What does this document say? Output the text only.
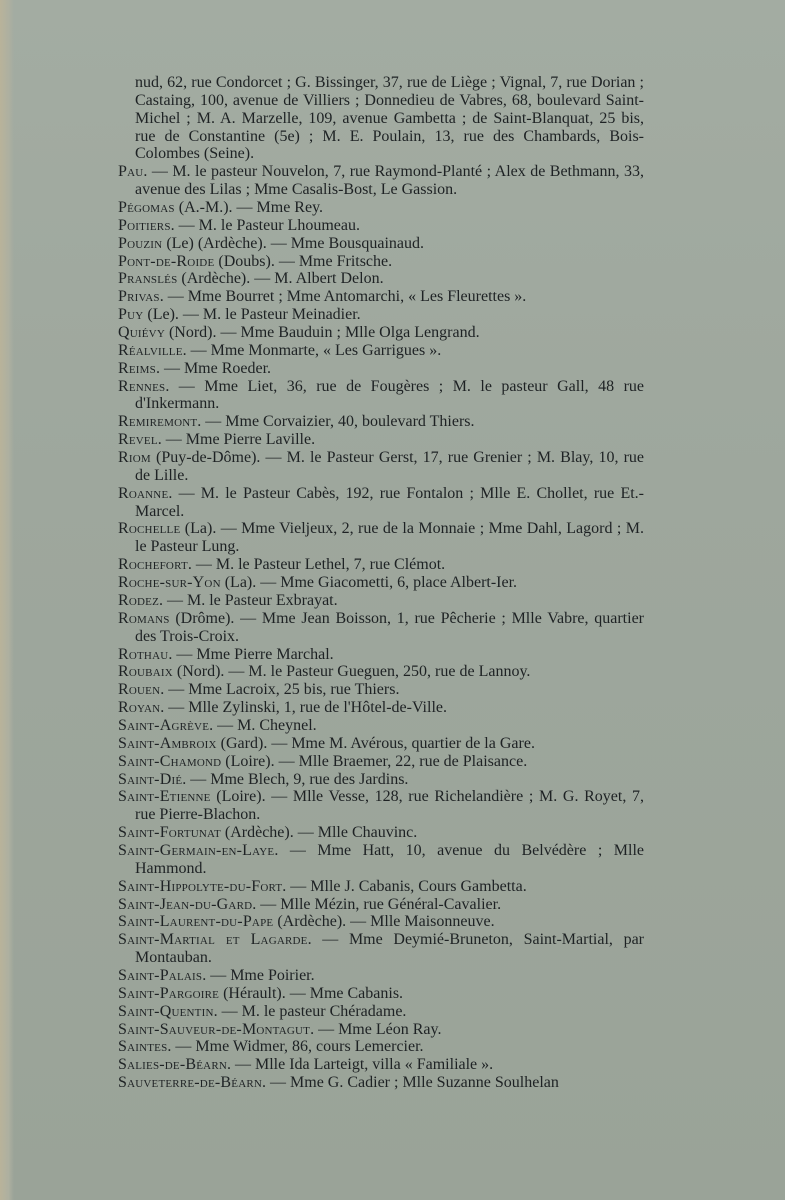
nud, 62, rue Condorcet ; G. Bissinger, 37, rue de Liège ; Vignal, 7, rue Dorian ; Castaing, 100, avenue de Villiers ; Donnedieu de Vabres, 68, boulevard Saint-Michel ; M. A. Marzelle, 109, avenue Gambetta ; de Saint-Blanquat, 25 bis, rue de Constantine (5e) ; M. E. Poulain, 13, rue des Chambards, Bois-Colombes (Seine).
Pau. — M. le pasteur Nouvelon, 7, rue Raymond-Planté ; Alex de Bethmann, 33, avenue des Lilas ; Mme Casalis-Bost, Le Gassion.
Pégomas (A.-M.). — Mme Rey.
Poitiers. — M. le Pasteur Lhoumeau.
Pouzin (Le) (Ardèche). — Mme Bousquainaud.
Pont-de-Roide (Doubs). — Mme Fritsche.
Pranslés (Ardèche). — M. Albert Delon.
Privas. — Mme Bourret ; Mme Antomarchi, « Les Fleurettes ».
Puy (Le). — M. le Pasteur Meinadier.
Quiévy (Nord). — Mme Bauduin ; Mlle Olga Lengrand.
Réalville. — Mme Monmarte, « Les Garrigues ».
Reims. — Mme Roeder.
Rennes. — Mme Liet, 36, rue de Fougères ; M. le pasteur Gall, 48 rue d'Inkermann.
Remiremont. — Mme Corvaizier, 40, boulevard Thiers.
Revel. — Mme Pierre Laville.
Riom (Puy-de-Dôme). — M. le Pasteur Gerst, 17, rue Grenier ; M. Blay, 10, rue de Lille.
Roanne. — M. le Pasteur Cabès, 192, rue Fontalon ; Mlle E. Chollet, rue Et.-Marcel.
Rochelle (La). — Mme Vieljeux, 2, rue de la Monnaie ; Mme Dahl, Lagord ; M. le Pasteur Lung.
Rochefort. — M. le Pasteur Lethel, 7, rue Clémot.
Roche-sur-Yon (La). — Mme Giacometti, 6, place Albert-Ier.
Rodez. — M. le Pasteur Exbrayat.
Romans (Drôme). — Mme Jean Boisson, 1, rue Pêcherie ; Mlle Vabre, quartier des Trois-Croix.
Rothau. — Mme Pierre Marchal.
Roubaix (Nord). — M. le Pasteur Gueguen, 250, rue de Lannoy.
Rouen. — Mme Lacroix, 25 bis, rue Thiers.
Royan. — Mlle Zylinski, 1, rue de l'Hôtel-de-Ville.
Saint-Agrève. — M. Cheynel.
Saint-Ambroix (Gard). — Mme M. Avérous, quartier de la Gare.
Saint-Chamond (Loire). — Mlle Braemer, 22, rue de Plaisance.
Saint-Dié. — Mme Blech, 9, rue des Jardins.
Saint-Etienne (Loire). — Mlle Vesse, 128, rue Richelandière ; M. G. Royet, 7, rue Pierre-Blachon.
Saint-Fortunat (Ardèche). — Mlle Chauvinc.
Saint-Germain-en-Laye. — Mme Hatt, 10, avenue du Belvédère ; Mlle Hammond.
Saint-Hippolyte-du-Fort. — Mlle J. Cabanis, Cours Gambetta.
Saint-Jean-du-Gard. — Mlle Mézin, rue Général-Cavalier.
Saint-Laurent-du-Pape (Ardèche). — Mlle Maisonneuve.
Saint-Martial et Lagarde. — Mme Deymié-Bruneton, Saint-Martial, par Montauban.
Saint-Palais. — Mme Poirier.
Saint-Pargoire (Hérault). — Mme Cabanis.
Saint-Quentin. — M. le pasteur Chéradame.
Saint-Sauveur-de-Montagut. — Mme Léon Ray.
Saintes. — Mme Widmer, 86, cours Lemercier.
Salies-de-Béarn. — Mlle Ida Larteigt, villa « Familiale ».
Sauveterre-de-Béarn. — Mme G. Cadier ; Mlle Suzanne Soulhelan
